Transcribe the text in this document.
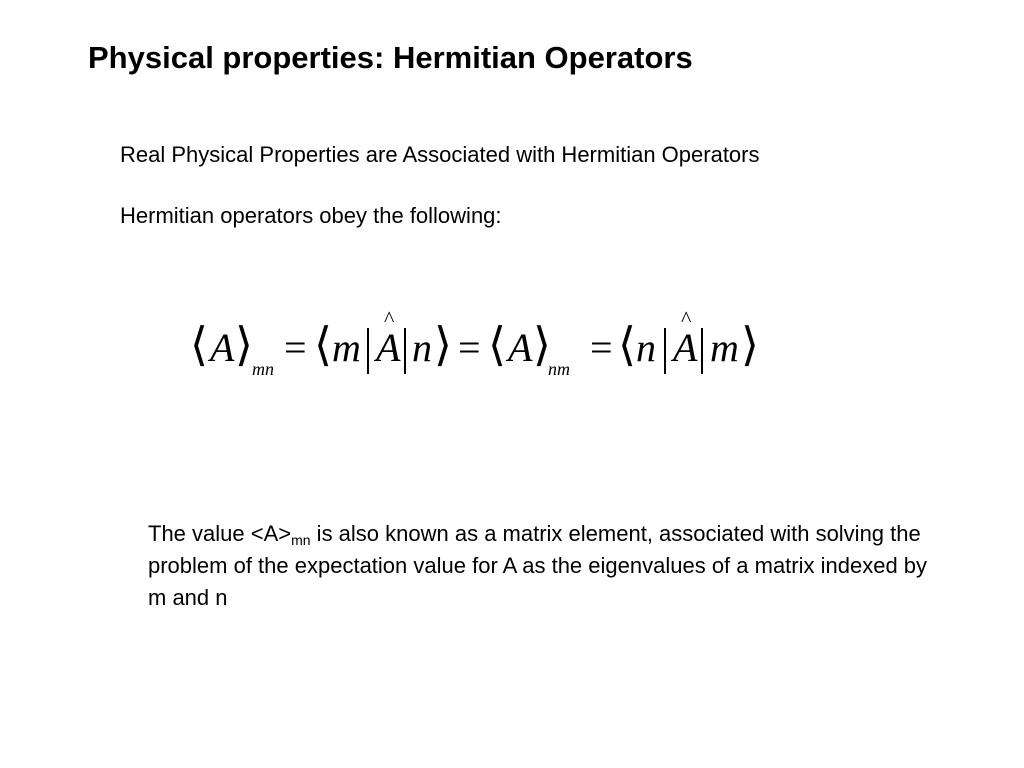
Physical properties: Hermitian Operators
Real Physical Properties are Associated with Hermitian Operators
Hermitian operators obey the following:
⟨ A ⟩ mn = ⟨ m
^
A n ⟩ = ⟨ A ⟩
nm = ⟨ n
^
A m ⟩
The value $<A>_{mn}$ is also known as a matrix element, associated with solving the problem of the expectation value for A as the eigenvalues of a matrix indexed by m and n
